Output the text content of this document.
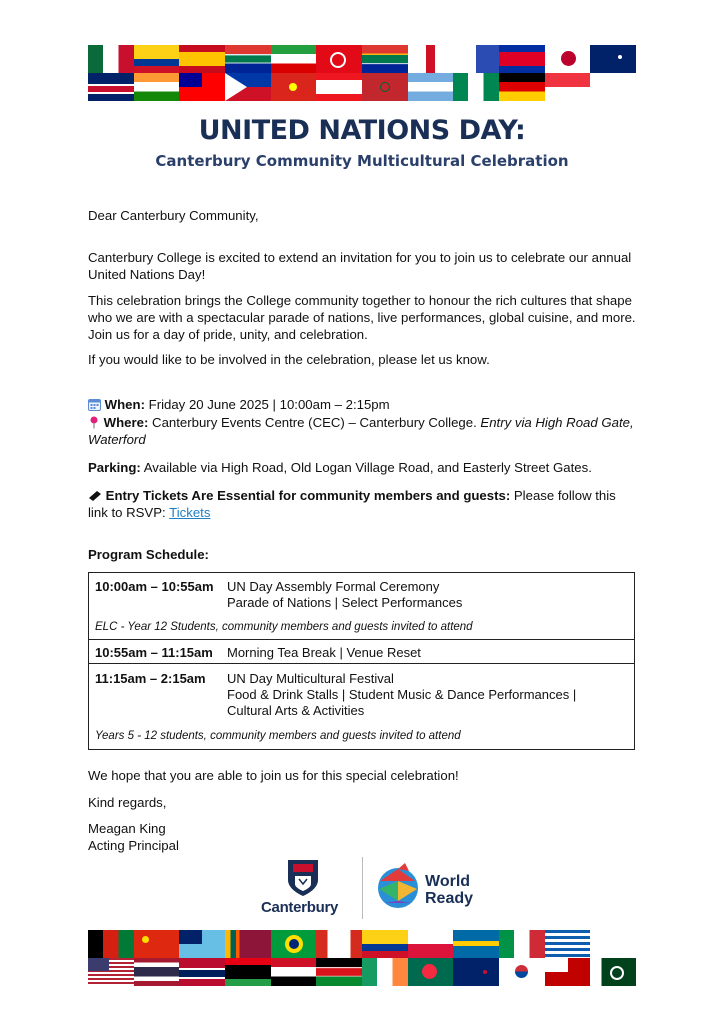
UNITED NATIONS DAY:
Canterbury Community Multicultural Celebration

Dear Canterbury Community,

Canterbury College is excited to extend an invitation for you to join us to celebrate our annual United Nations Day!

This celebration brings the College community together to honour the rich cultures that shape who we are with a spectacular parade of nations, live performances, global cuisine, and more. Join us for a day of pride, unity, and celebration.

If you would like to be involved in the celebration, please let us know.

When: Friday 20 June 2025 | 10:00am – 2:15pm
Where: Canterbury Events Centre (CEC) – Canterbury College. Entry via High Road Gate, Waterford
Parking: Available via High Road, Old Logan Village Road, and Easterly Street Gates.
Entry Tickets Are Essential for community members and guests: Please follow this link to RSVP: Tickets
Program Schedule:
10:00am – 10:55am UN Day Assembly Formal Ceremony
Parade of Nations | Select Performances
ELC - Year 12 Students, community members and guests invited to attend
10:55am – 11:15am Morning Tea Break | Venue Reset
11:15am – 2:15am UN Day Multicultural Festival
Food & Drink Stalls | Student Music & Dance Performances |
Cultural Arts & Activities
Years 5 - 12 students, community members and guests invited to attend
We hope that you are able to join us for this special celebration!
Kind regards,
Meagan King
Acting Principal
Canterbury
World
Ready
